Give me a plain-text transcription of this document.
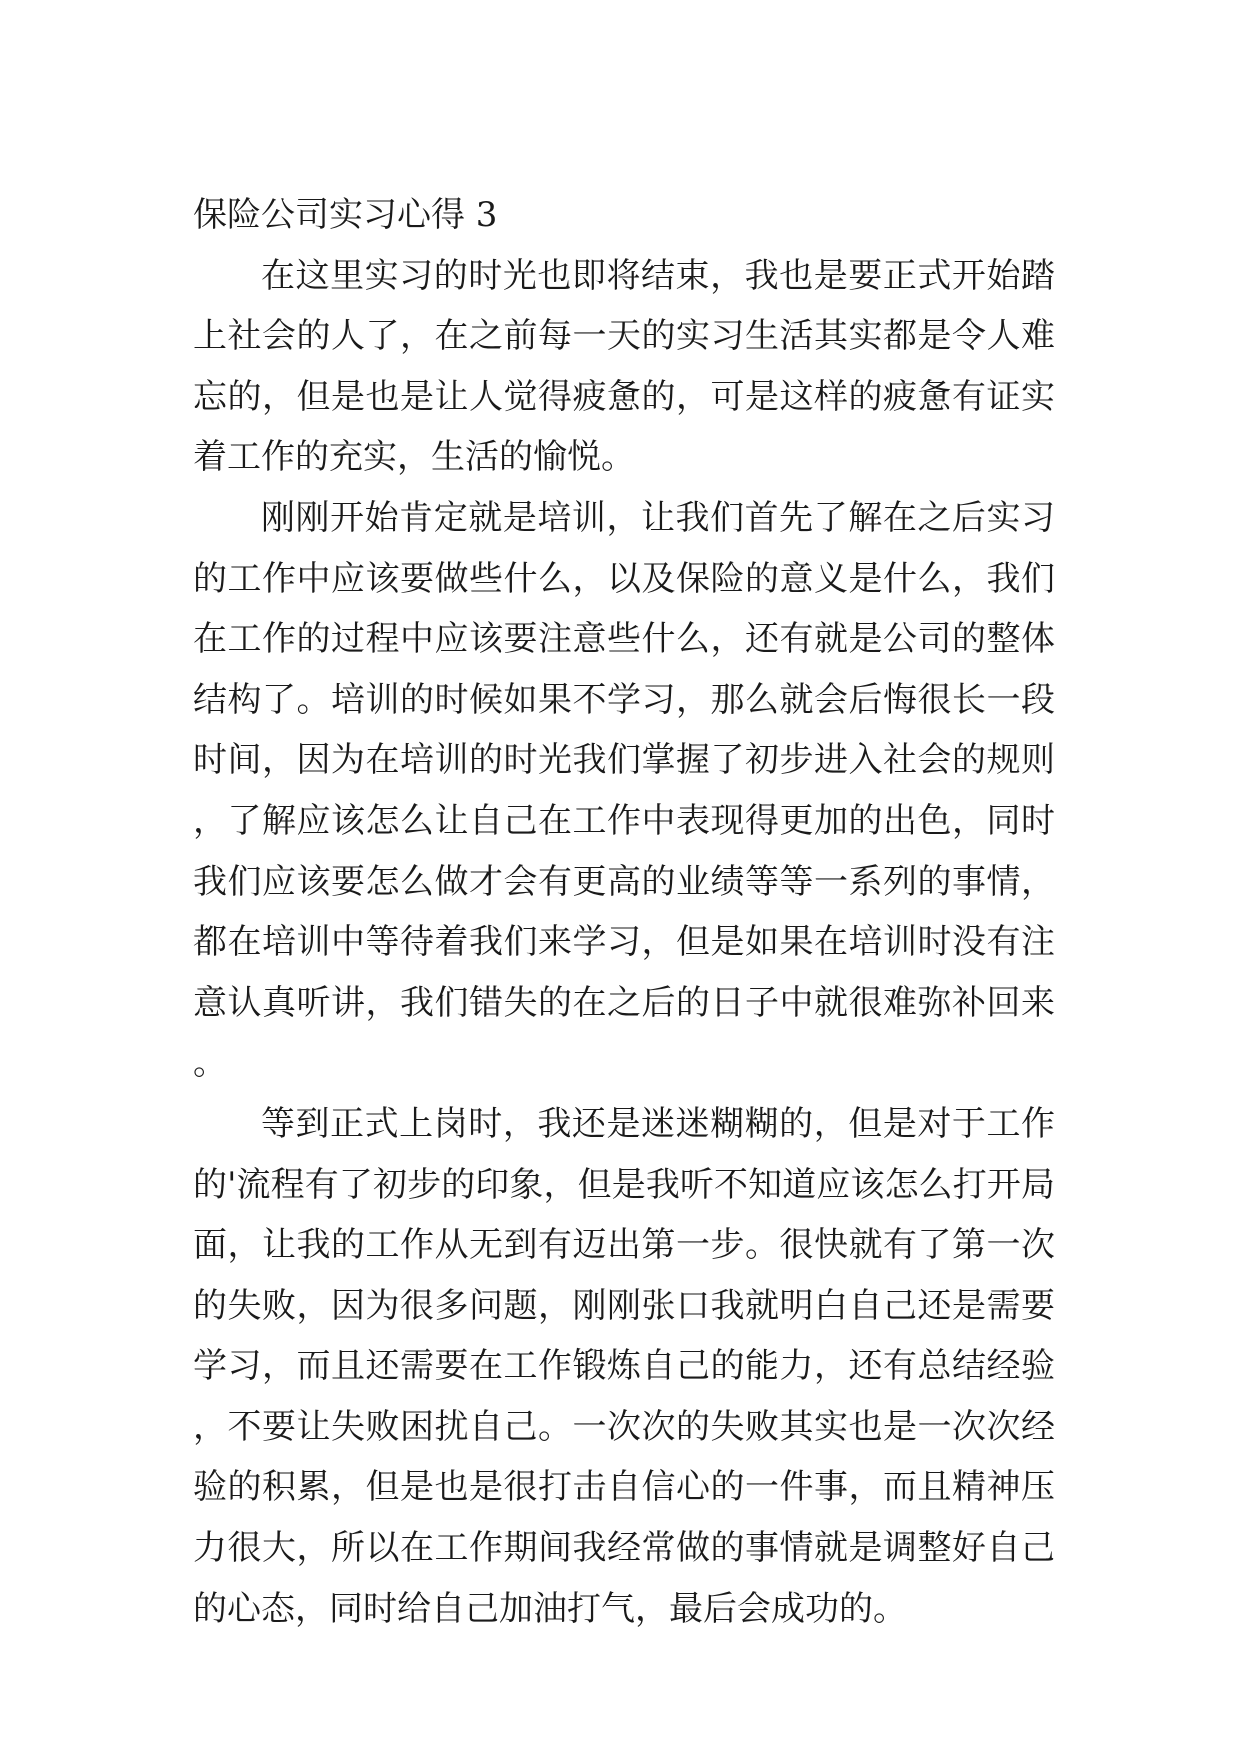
保险公司实习心得 3

在这里实习的时光也即将结束，我也是要正式开始踏上社会的人了，在之前每一天的实习生活其实都是令人难忘的，但是也是让人觉得疲惫的，可是这样的疲惫有证实着工作的充实，生活的愉悦。

刚刚开始肯定就是培训，让我们首先了解在之后实习的工作中应该要做些什么，以及保险的意义是什么，我们在工作的过程中应该要注意些什么，还有就是公司的整体结构了。培训的时候如果不学习，那么就会后悔很长一段时间，因为在培训的时光我们掌握了初步进入社会的规则，了解应该怎么让自己在工作中表现得更加的出色，同时我们应该要怎么做才会有更高的业绩等等一系列的事情，都在培训中等待着我们来学习，但是如果在培训时没有注意认真听讲，我们错失的在之后的日子中就很难弥补回来。

等到正式上岗时，我还是迷迷糊糊的，但是对于工作的'流程有了初步的印象，但是我听不知道应该怎么打开局面，让我的工作从无到有迈出第一步。很快就有了第一次的失败，因为很多问题，刚刚张口我就明白自己还是需要学习，而且还需要在工作锻炼自己的能力，还有总结经验，不要让失败困扰自己。一次次的失败其实也是一次次经验的积累，但是也是很打击自信心的一件事，而且精神压力很大，所以在工作期间我经常做的事情就是调整好自己的心态，同时给自己加油打气，最后会成功的。
